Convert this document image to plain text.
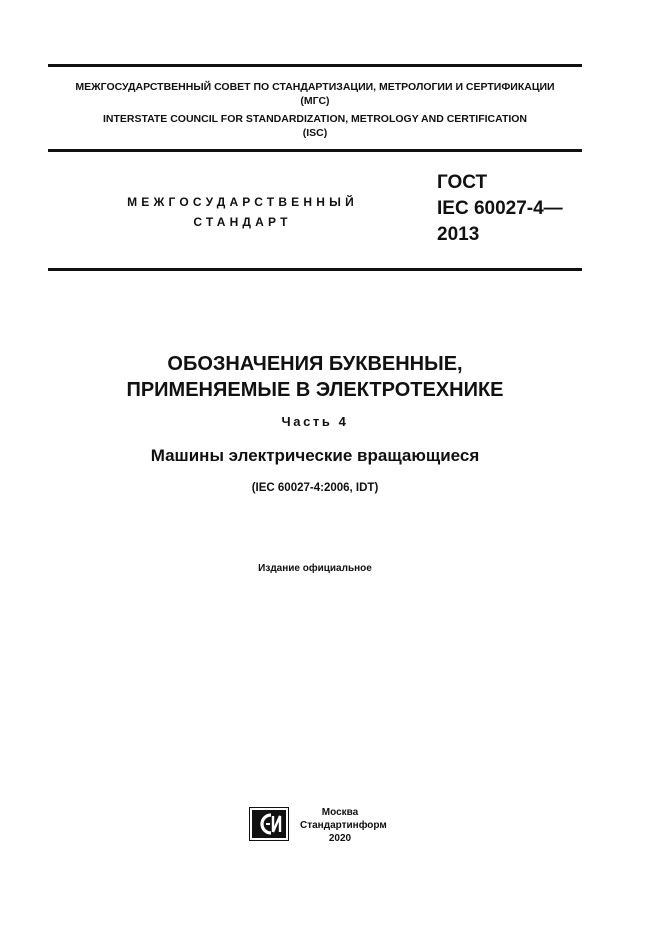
МЕЖГОСУДАРСТВЕННЫЙ СОВЕТ ПО СТАНДАРТИЗАЦИИ, МЕТРОЛОГИИ И СЕРТИФИКАЦИИ
(МГС)
INTERSTATE COUNCIL FOR STANDARDIZATION, METROLOGY AND CERTIFICATION
(ISC)
МЕЖГОСУДАРСТВЕННЫЙ
СТАНДАРТ
ГОСТ
IEC 60027-4—
2013
ОБОЗНАЧЕНИЯ БУКВЕННЫЕ,
ПРИМЕНЯЕМЫЕ В ЭЛЕКТРОТЕХНИКЕ
Часть 4
Машины электрические вращающиеся
(IEC 60027-4:2006, IDT)
Издание официальное
Москва
Стандартинформ
2020
